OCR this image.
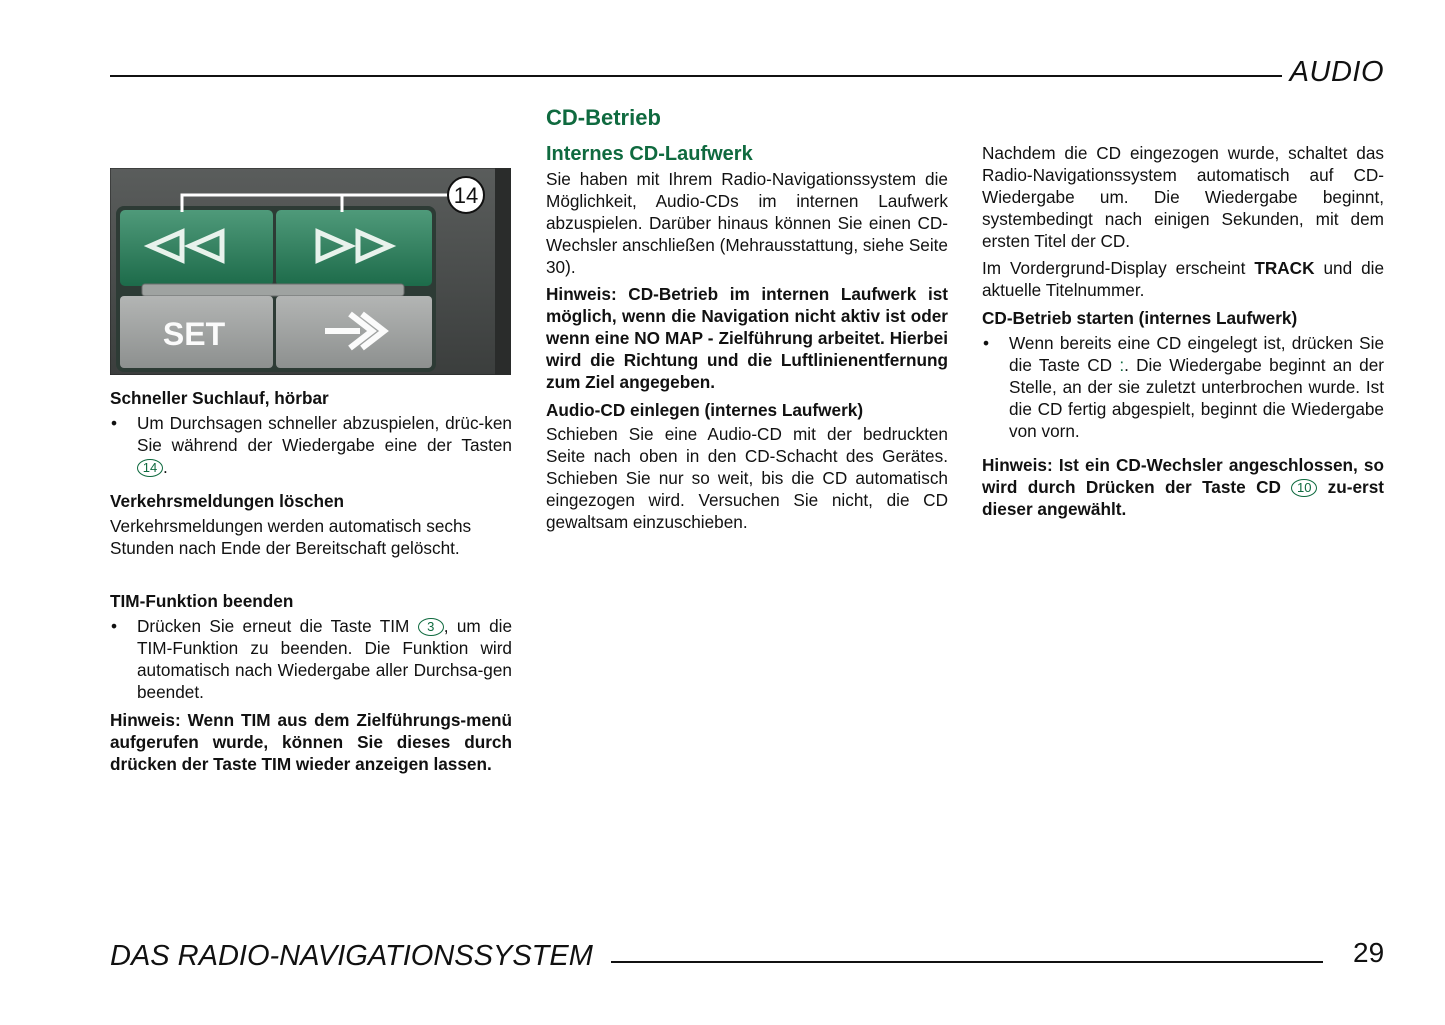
AUDIO
SET
14

Schneller Suchlauf, hörbar

• Um Durchsagen schneller abzuspielen, drüc-ken Sie während der Wiedergabe eine der Tasten 14 .

Verkehrsmeldungen löschen

Verkehrsmeldungen werden automatisch sechs Stunden nach Ende der Bereitschaft gelöscht.

TIM-Funktion beenden

• Drücken Sie erneut die Taste TIM 3 , um die TIM-Funktion zu beenden. Die Funktion wird automatisch nach Wiedergabe aller Durchsa-gen beendet.

Hinweis: Wenn TIM aus dem Zielführungs-menü aufgerufen wurde, können Sie dieses durch drücken der Taste TIM wieder anzeigen lassen.

CD-Betrieb

Internes CD-Laufwerk

Sie haben mit Ihrem Radio-Navigationssystem die Möglichkeit, Audio-CDs im internen Laufwerk abzuspielen. Darüber hinaus können Sie einen CD-Wechsler anschließen (Mehrausstattung, siehe Seite 30).

Hinweis: CD-Betrieb im internen Laufwerk ist möglich, wenn die Navigation nicht aktiv ist oder wenn eine NO MAP - Zielführung arbeitet. Hierbei wird die Richtung und die Luftlinienentfernung zum Ziel angegeben.

Audio-CD einlegen (internes Laufwerk)

Schieben Sie eine Audio-CD mit der bedruckten Seite nach oben in den CD-Schacht des Gerätes. Schieben Sie nur so weit, bis die CD automatisch eingezogen wird. Versuchen Sie nicht, die CD gewaltsam einzuschieben.

Nachdem die CD eingezogen wurde, schaltet das Radio-Navigationssystem automatisch auf CD-Wiedergabe um. Die Wiedergabe beginnt, systembedingt nach einigen Sekunden, mit dem ersten Titel der CD.

Im Vordergrund-Display erscheint TRACK und die aktuelle Titelnummer.

CD-Betrieb starten (internes Laufwerk)

• Wenn bereits eine CD eingelegt ist, drücken Sie die Taste CD :. Die Wiedergabe beginnt an der Stelle, an der sie zuletzt unterbrochen wurde. Ist die CD fertig abgespielt, beginnt die Wiedergabe von vorn.

Hinweis: Ist ein CD-Wechsler angeschlossen, so wird durch Drücken der Taste CD 10 zu-erst dieser angewählt.

DAS RADIO-NAVIGATIONSSYSTEM	29
